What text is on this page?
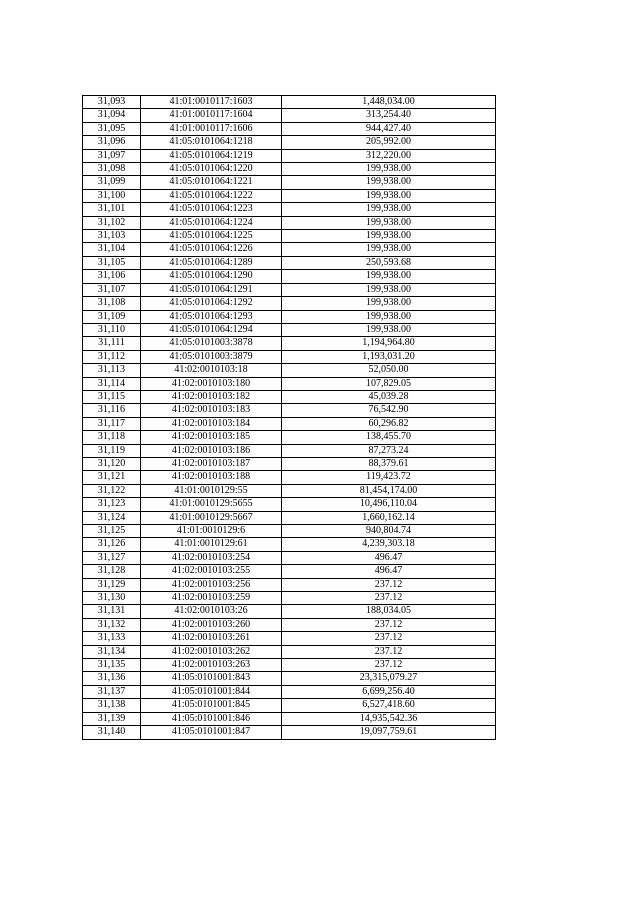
31,093	41:01:0010117:1603	1,448,034.00
31,094	41:01:0010117:1604	313,254.40
31,095	41:01:0010117:1606	944,427.40
31,096	41:05:0101064:1218	205,992.00
31,097	41:05:0101064:1219	312,220.00
31,098	41:05:0101064:1220	199,938.00
31,099	41:05:0101064:1221	199,938.00
31,100	41:05:0101064:1222	199,938.00
31,101	41:05:0101064:1223	199,938.00
31,102	41:05:0101064:1224	199,938.00
31,103	41:05:0101064:1225	199,938.00
31,104	41:05:0101064:1226	199,938.00
31,105	41:05:0101064:1289	250,593.68
31,106	41:05:0101064:1290	199,938.00
31,107	41:05:0101064:1291	199,938.00
31,108	41:05:0101064:1292	199,938.00
31,109	41:05:0101064:1293	199,938.00
31,110	41:05:0101064:1294	199,938.00
31,111	41:05:0101003:3878	1,194,964.80
31,112	41:05:0101003:3879	1,193,031.20
31,113	41:02:0010103:18	52,050.00
31,114	41:02:0010103:180	107,829.05
31,115	41:02:0010103:182	45,039.28
31,116	41:02:0010103:183	76,542.90
31,117	41:02:0010103:184	60,296.82
31,118	41:02:0010103:185	138,455.70
31,119	41:02:0010103:186	87,273.24
31,120	41:02:0010103:187	88,379.61
31,121	41:02:0010103:188	119,423.72
31,122	41:01:0010129:55	81,454,174.00
31,123	41:01:0010129:5655	10,496,110.04
31,124	41:01:0010129:5667	1,660,162.14
31,125	41:01:0010129:6	940,804.74
31,126	41:01:0010129:61	4,239,303.18
31,127	41:02:0010103:254	496.47
31,128	41:02:0010103:255	496.47
31,129	41:02:0010103:256	237.12
31,130	41:02:0010103:259	237.12
31,131	41:02:0010103:26	188,034.05
31,132	41:02:0010103:260	237.12
31,133	41:02:0010103:261	237.12
31,134	41:02:0010103:262	237.12
31,135	41:02:0010103:263	237.12
31,136	41:05:0101001:843	23,315,079.27
31,137	41:05:0101001:844	6,699,256.40
31,138	41:05:0101001:845	6,527,418.60
31,139	41:05:0101001:846	14,935,542.36
31,140	41:05:0101001:847	19,097,759.61
